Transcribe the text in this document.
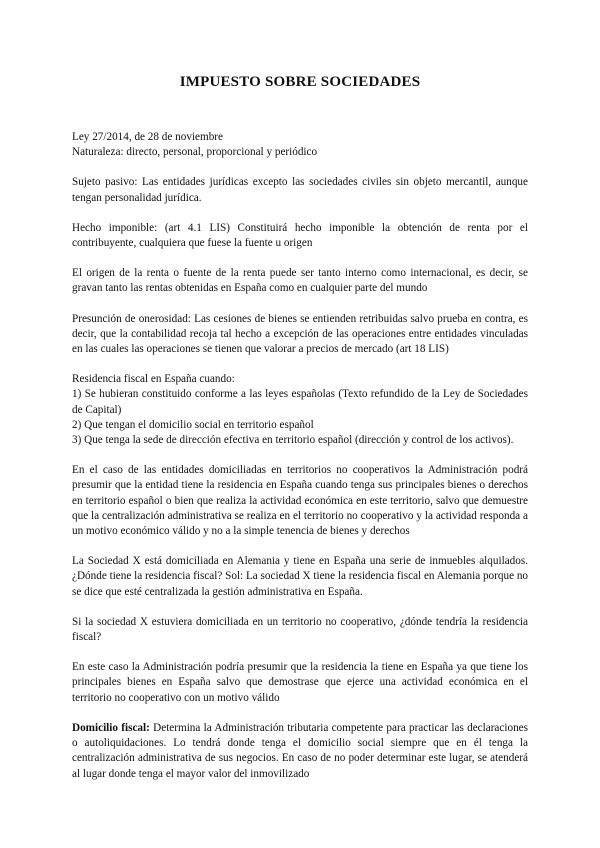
IMPUESTO SOBRE SOCIEDADES

Ley 27/2014, de 28 de noviembre
Naturaleza: directo, personal, proporcional y periódico

Sujeto pasivo: Las entidades jurídicas excepto las sociedades civiles sin objeto mercantil, aunque tengan personalidad jurídica.

Hecho imponible: (art 4.1 LIS) Constituirá hecho imponible la obtención de renta por el contribuyente, cualquiera que fuese la fuente u origen

El origen de la renta o fuente de la renta puede ser tanto interno como internacional, es decir, se gravan tanto las rentas obtenidas en España como en cualquier parte del mundo

Presunción de onerosidad: Las cesiones de bienes se entienden retribuidas salvo prueba en contra, es decir, que la contabilidad recoja tal hecho a excepción de las operaciones entre entidades vinculadas en las cuales las operaciones se tienen que valorar a precios de mercado (art 18 LIS)

Residencia fiscal en España cuando:
1) Se hubieran constituido conforme a las leyes españolas (Texto refundido de la Ley de Sociedades de Capital)
2) Que tengan el domicilio social en territorio español
3) Que tenga la sede de dirección efectiva en territorio español (dirección y control de los activos).

En el caso de las entidades domiciliadas en territorios no cooperativos la Administración podrá presumir que la entidad tiene la residencia en España cuando tenga sus principales bienes o derechos en territorio español o bien que realiza la actividad económica en este territorio, salvo que demuestre que la centralización administrativa se realiza en el territorio no cooperativo y la actividad responda a un motivo económico válido y no a la simple tenencia de bienes y derechos

La Sociedad X está domiciliada en Alemania y tiene en España una serie de inmuebles alquilados. ¿Dónde tiene la residencia fiscal? Sol: La sociedad X tiene la residencia fiscal en Alemania porque no se dice que esté centralizada la gestión administrativa en España.

Si la sociedad X estuviera domiciliada en un territorio no cooperativo, ¿dónde tendría la residencia fiscal?

En este caso la Administración podría presumir que la residencia la tiene en España ya que tiene los principales bienes en España salvo que demostrase que ejerce una actividad económica en el territorio no cooperativo con un motivo válido

Domicilio fiscal: Determina la Administración tributaria competente para practicar las declaraciones o autoliquidaciones. Lo tendrá donde tenga el domicilio social siempre que en él tenga la centralización administrativa de sus negocios. En caso de no poder determinar este lugar, se atenderá al lugar donde tenga el mayor valor del inmovilizado
